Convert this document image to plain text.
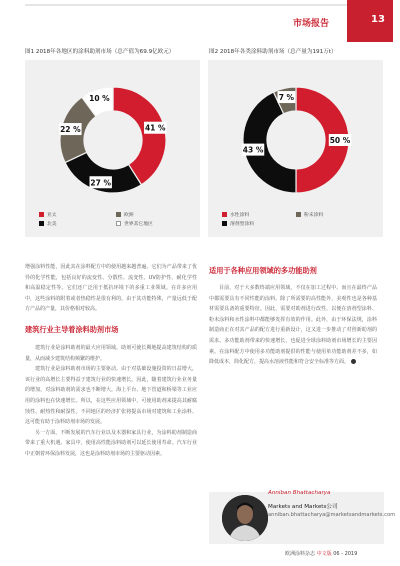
市场报告	13
图1 2018年各地区的涂料助剂市场（总产值为69.9亿欧元）	图2 2018年各类涂料助剂市场（总产量为191万t）
41 %
27 %
22 %
10 %
亚太
北美
欧洲
世界其它地区
50 %
43 %
7 %
水性涂料	粉末涂料
溶剂型涂料

增强涂料性能，因此其在涂料配方中的使用越来越普遍。它们为产品带来了优异的化学性能，包括良好的流变性、分散性、流变性、UV防护性、耐化学性和高温稳定性等。它们还广泛用于抵抗环境下的多重工业领域。在许多应用中，这些涂料的附着或者热稳性是很有利的。由于其功能特殊，产量远低于配方产品的产量，其价格相对较高。

建筑行业主导着涂料助剂市场

建筑行业是涂料助剂的最大应用领域。助剂可使长期地提高建筑结构的质量，从而减少建筑结构频繁的维护。

建筑行业是涂料助剂市场的主要驱动。由于对基础设施投资的日益增大，该行业的高增长主要得益于建筑行业的快速增长。因此，随着建筑行业业务量的增加，对涂料助剂的需求也不断增大。海上平台、地下管道和桥梁等工业应用的涂料也在快速增长。所以，在这些应用领域中，可使用助剂来提高其耐腐蚀性、耐热性和耐湿性。不同地区的经济扩张将提高市场对建筑和工业涂料、这可能有助于涂料助剂市场的发展。

另一方面，不断发展的汽车行业以及木器和家具行业，为涂料助剂制造商带来了重大机遇。家具中，使用高性能涂料助剂可以延长使用寿命。汽车行业中正朝着环保涂料发展，这也是涂料助剂市场的主要驱动因素。

适用于各种应用领域的多功能助剂

目前，对于大多数终端应用领域，不仅在加工过程中、而且在最终产品中都需要具有不同性能的涂料。除了所需要的高性能外，美观性也是各种基材需要具备的重要特征。因此，需要对助剂进行改性，以便在溶剂型涂料、粉末涂料和水性涂料中都能够发挥有效的作用。此外，由于环保法规，涂料制造商正在对其产品的配方进行重新设计，这又进一步推动了对创新助剂的需求。多功能助剂带来的快速增长，也促进全球涂料助剂市场增长的主要因素。在涂料配方中使用多功能助剂提供的性能与使用单功能助剂差不多，如降低成本，简化配方，提高水溶液性能和符合安全标准等方面。

Anniban Bhattacharya
Markets and Markets公司
anniban.bhattacharya@marketsandmarkets.com
欧洲涂料杂志 中文版 06 - 2019
